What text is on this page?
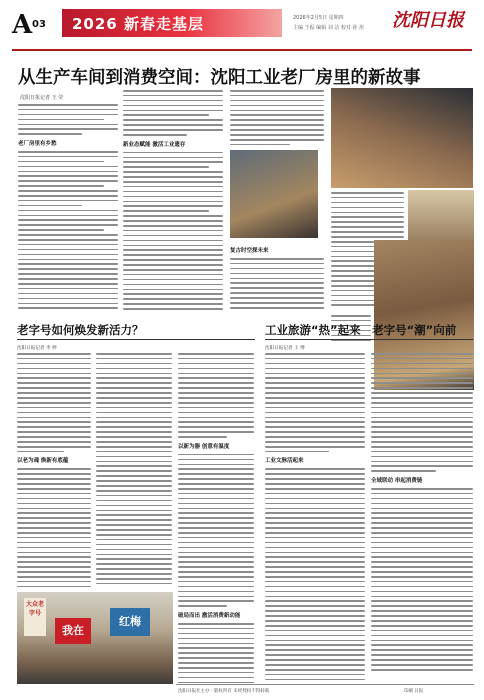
A 03 2026 新春走基层	2026年2月5日 星期四
主编 王振 编辑 刘 洁 校对 孙 彤 沈阳日报
从生产车间到消费空间：沈阳工业老厂房里的新故事
沈阳日报记者 王 莹
老厂房里有乡愁	新业态赋能 激活工业遗存
复古时空探未来
老字号如何焕发新活力？
沈阳日报记者 李 婷
以老为魂 焕新有底蕴
以新为器 创意有温度
破局而出 激活消费新动能
大众老字号
我在
红梅
工业旅游“热”起来　老字号“潮”向前
沈阳日报记者 王 博
工业文脉活起来
全域联动 串起消费链
沈阳日报社主办 · 版权所有 未经授权不得转载	印刷 日报
